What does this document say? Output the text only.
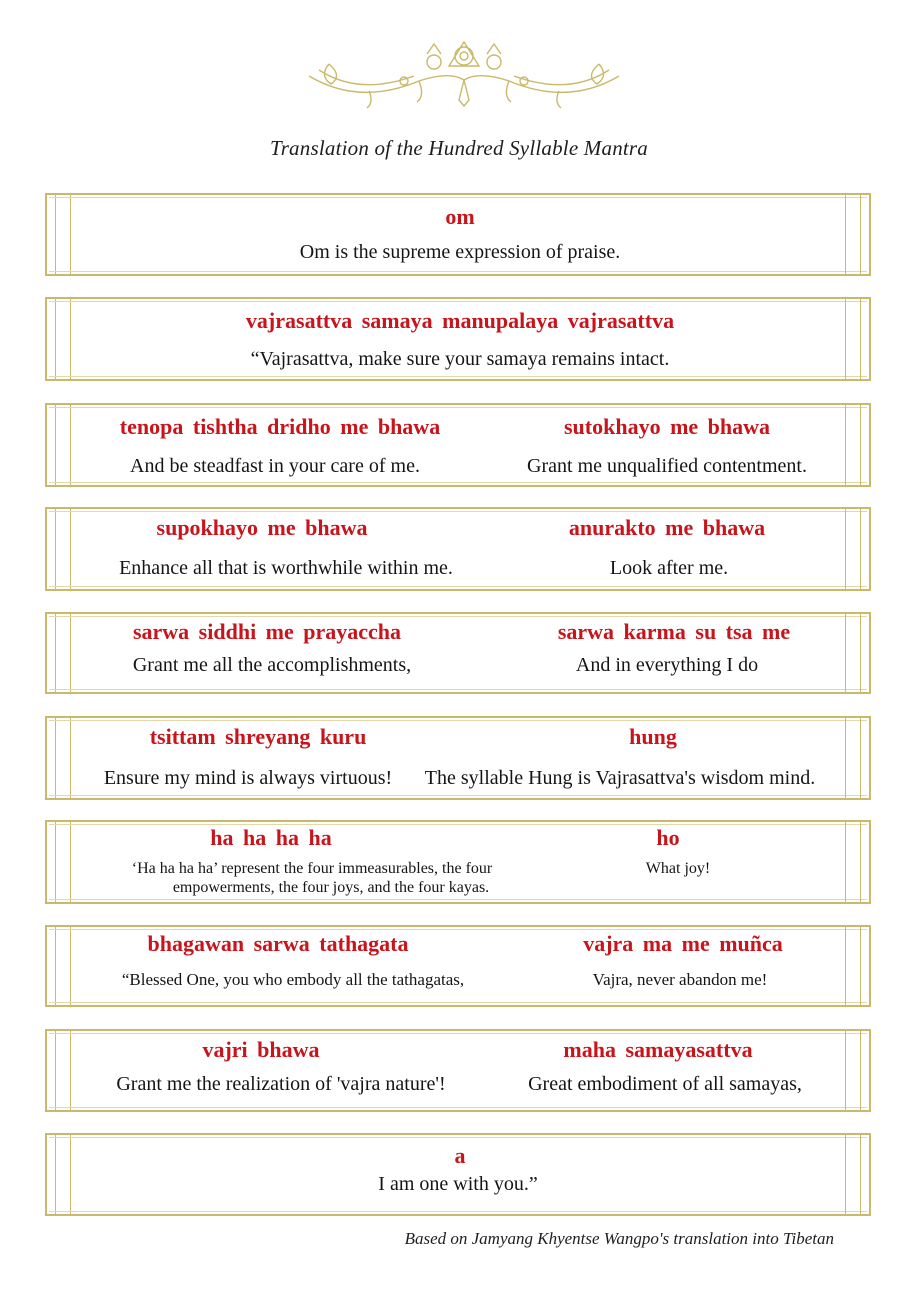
Translation of the Hundred Syllable Mantra
om
Om is the supreme expression of praise.
vajrasattva samaya manupalaya vajrasattva
“Vajrasattva, make sure your samaya remains intact.
tenopa tishtha dridho me bhawa
And be steadfast in your care of me.
sutokhayo me bhawa
Grant me unqualified contentment.
supokhayo me bhawa
Enhance all that is worthwhile within me.
anurakto me bhawa
Look after me.
sarwa siddhi me prayaccha
Grant me all the accomplishments,
sarwa karma su tsa me
And in everything I do
tsittam shreyang kuru
Ensure my mind is always virtuous!
hung
The syllable Hung is Vajrasattva's wisdom mind.
ha ha ha ha
‘Ha ha ha ha’ represent the four immeasurables, the four
empowerments, the four joys, and the four kayas.
ho
What joy!
bhagawan sarwa tathagata
“Blessed One, you who embody all the tathagatas,
vajra ma me muñca
Vajra, never abandon me!
vajri bhawa
Grant me the realization of 'vajra nature'!
maha samayasattva
Great embodiment of all samayas,
a
I am one with you.”
Based on Jamyang Khyentse Wangpo's translation into Tibetan
